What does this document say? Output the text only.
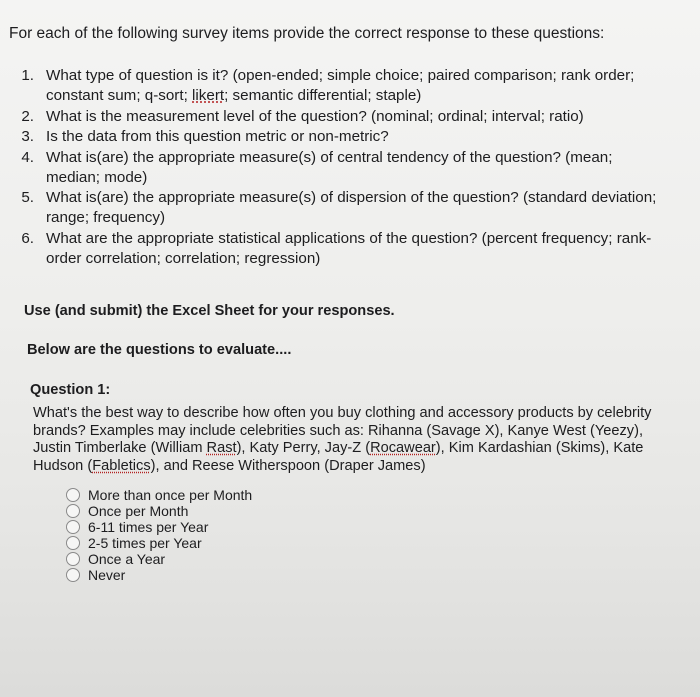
For each of the following survey items provide the correct response to these questions:
1. What type of question is it? (open-ended; simple choice; paired comparison; rank order;
constant sum; q-sort; likert; semantic differential; staple)
2. What is the measurement level of the question? (nominal; ordinal; interval; ratio)
3. Is the data from this question metric or non-metric?
4. What is(are) the appropriate measure(s) of central tendency of the question? (mean;
median; mode)
5. What is(are) the appropriate measure(s) of dispersion of the question? (standard deviation;
range; frequency)
6. What are the appropriate statistical applications of the question? (percent frequency; rank-
order correlation; correlation; regression)
Use (and submit) the Excel Sheet for your responses.
Below are the questions to evaluate....
Question 1:
What's the best way to describe how often you buy clothing and accessory products by celebrity brands? Examples may include celebrities such as: Rihanna (Savage X), Kanye West (Yeezy), Justin Timberlake (William Rast), Katy Perry, Jay-Z (Rocawear), Kim Kardashian (Skims), Kate Hudson (Fabletics), and Reese Witherspoon (Draper James)
More than once per Month
Once per Month
6-11 times per Year
2-5 times per Year
Once a Year
Never
